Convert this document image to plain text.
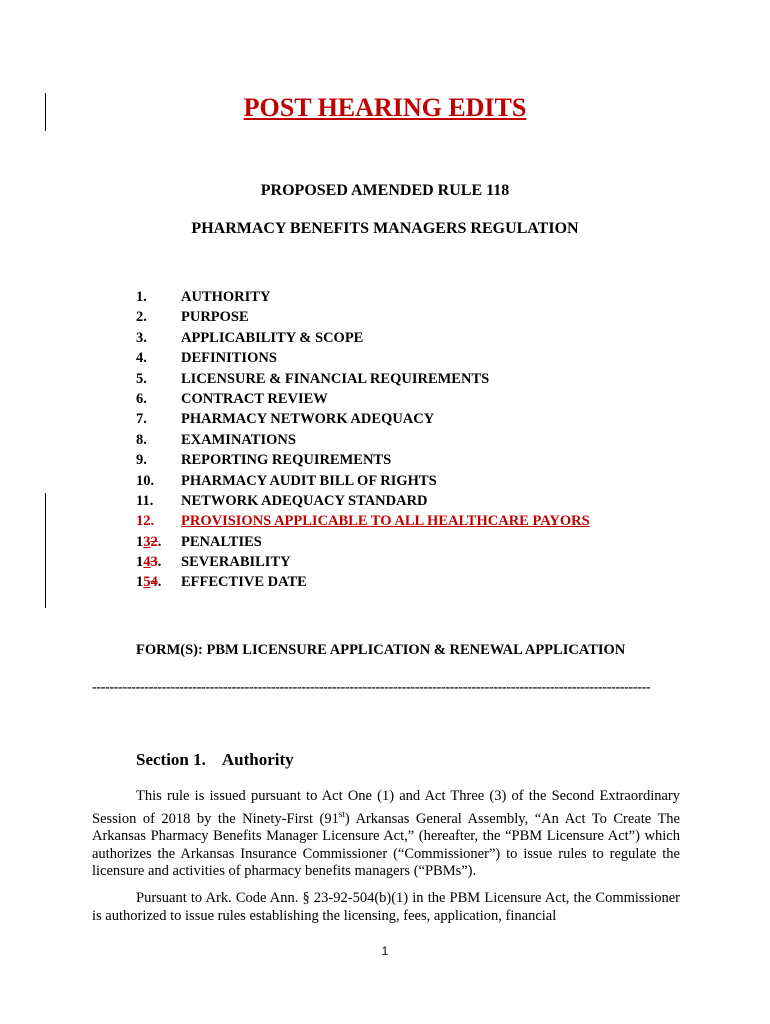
POST HEARING EDITS

PROPOSED AMENDED RULE 118

PHARMACY BENEFITS MANAGERS REGULATION

1. AUTHORITY
2. PURPOSE
3. APPLICABILITY & SCOPE
4. DEFINITIONS
5. LICENSURE & FINANCIAL REQUIREMENTS
6. CONTRACT REVIEW
7. PHARMACY NETWORK ADEQUACY
8. EXAMINATIONS
9. REPORTING REQUIREMENTS
10. PHARMACY AUDIT BILL OF RIGHTS
11. NETWORK ADEQUACY STANDARD
12. PROVISIONS APPLICABLE TO ALL HEALTHCARE PAYORS
132. PENALTIES
143. SEVERABILITY
154. EFFECTIVE DATE
FORM(S): PBM LICENSURE APPLICATION & RENEWAL APPLICATION
--------------------------------------------------------------------------------------------------------------------------------
Section 1. Authority

This rule is issued pursuant to Act One (1) and Act Three (3) of the Second Extraordinary Session of 2018 by the Ninety-First (91st) Arkansas General Assembly, “An Act To Create The Arkansas Pharmacy Benefits Manager Licensure Act,” (hereafter, the “PBM Licensure Act”) which authorizes the Arkansas Insurance Commissioner (“Commissioner”) to issue rules to regulate the licensure and activities of pharmacy benefits managers (“PBMs”).

Pursuant to Ark. Code Ann. § 23-92-504(b)(1) in the PBM Licensure Act, the Commissioner is authorized to issue rules establishing the licensing, fees, application, financial

1
